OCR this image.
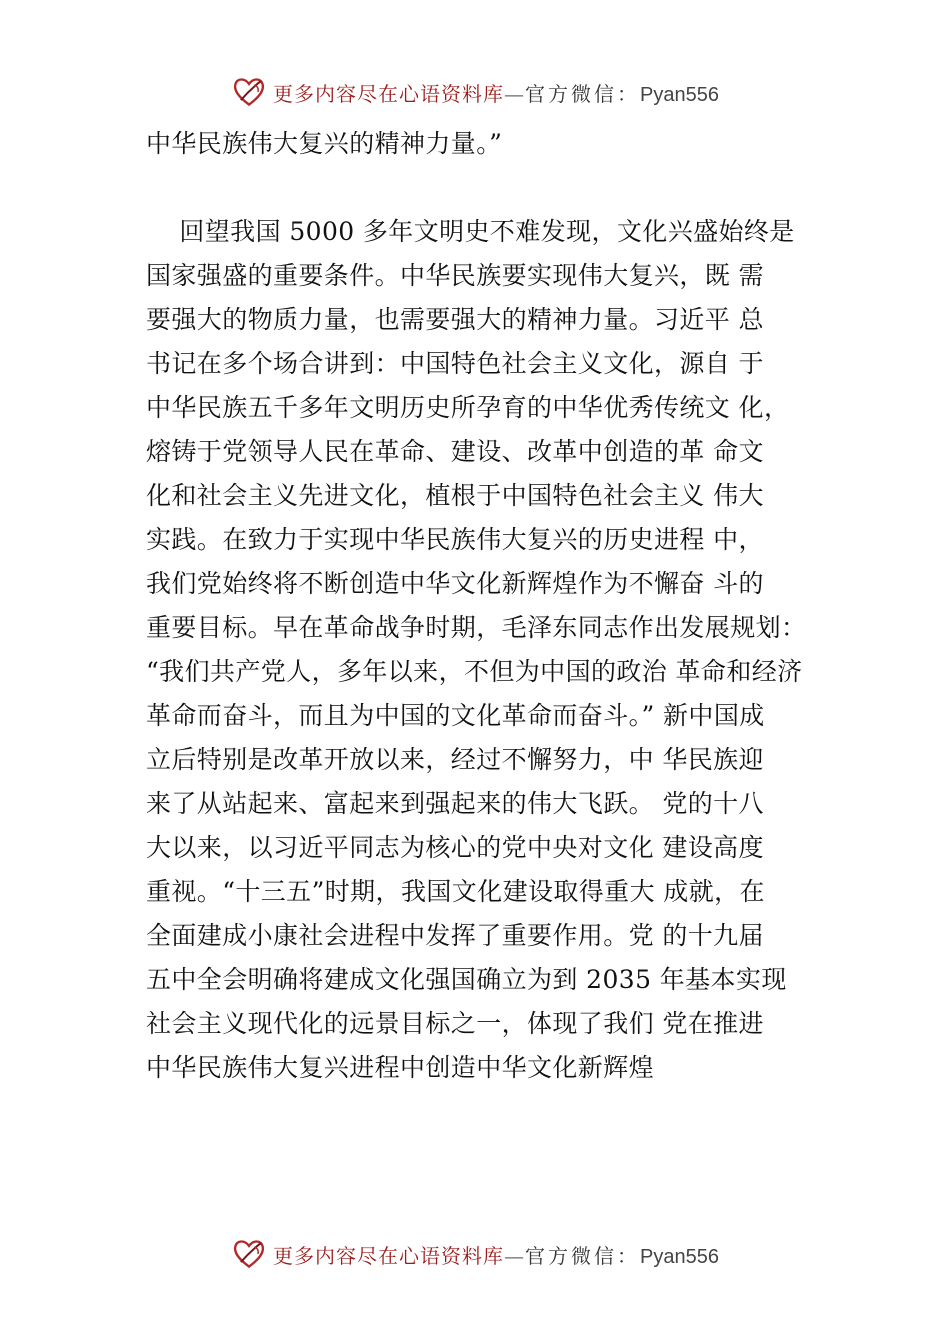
更多内容尽在心语资料库—官方微信：Pyan556
中华民族伟大复兴的精神力量。”
回望我国 5000 多年文明史不难发现，文化兴盛始终是
国家强盛的重要条件。中华民族要实现伟大复兴，既 需
要强大的物质力量，也需要强大的精神力量。习近平 总
书记在多个场合讲到：中国特色社会主义文化，源自 于
中华民族五千多年文明历史所孕育的中华优秀传统文 化，
熔铸于党领导人民在革命、建设、改革中创造的革 命文
化和社会主义先进文化，植根于中国特色社会主义 伟大
实践。在致力于实现中华民族伟大复兴的历史进程 中，
我们党始终将不断创造中华文化新辉煌作为不懈奋 斗的
重要目标。早在革命战争时期，毛泽东同志作出发展规划：
“我们共产党人，多年以来，不但为中国的政治 革命和经济
革命而奋斗，而且为中国的文化革命而奋斗。” 新中国成
立后特别是改革开放以来，经过不懈努力，中 华民族迎
来了从站起来、富起来到强起来的伟大飞跃。 党的十八
大以来，以习近平同志为核心的党中央对文化 建设高度
重视。“十三五”时期，我国文化建设取得重大 成就，在
全面建成小康社会进程中发挥了重要作用。党 的十九届
五中全会明确将建成文化强国确立为到 2035 年基本实现
社会主义现代化的远景目标之一，体现了我们 党在推进
中华民族伟大复兴进程中创造中华文化新辉煌
更多内容尽在心语资料库—官方微信：Pyan556
